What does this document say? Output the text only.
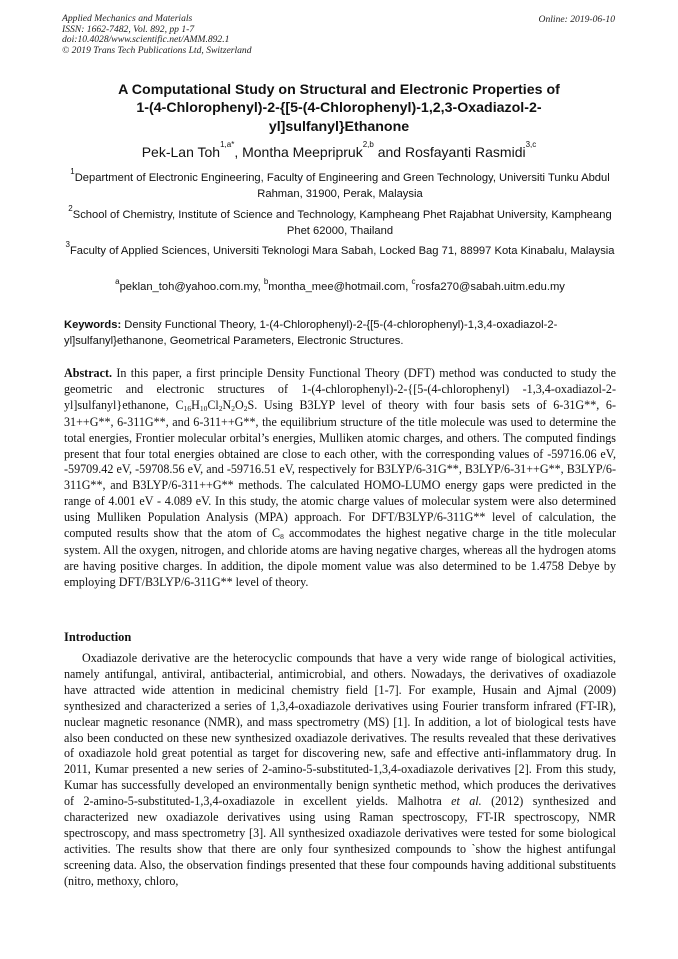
Applied Mechanics and Materials
ISSN: 1662-7482, Vol. 892, pp 1-7
doi:10.4028/www.scientific.net/AMM.892.1
© 2019 Trans Tech Publications Ltd, Switzerland
Online: 2019-06-10
A Computational Study on Structural and Electronic Properties of
1-(4-Chlorophenyl)-2-{[5-(4-Chlorophenyl)-1,2,3-Oxadiazol-2-
yl]sulfanyl}Ethanone
Pek-Lan Toh$^{1,a*}$, Montha Meepripruk$^{2,b}$ and Rosfayanti Rasmidi$^{3,c}$
$^1$Department of Electronic Engineering, Faculty of Engineering and Green Technology, Universiti Tunku Abdul Rahman, 31900, Perak, Malaysia
$^2$School of Chemistry, Institute of Science and Technology, Kampheang Phet Rajabhat University, Kampheang Phet 62000, Thailand
$^3$Faculty of Applied Sciences, Universiti Teknologi Mara Sabah, Locked Bag 71, 88997 Kota Kinabalu, Malaysia
$^a$peklan_toh@yahoo.com.my, $^b$montha_mee@hotmail.com, $^c$rosfa270@sabah.uitm.edu.my
Keywords: Density Functional Theory, 1-(4-Chlorophenyl)-2-{[5-(4-chlorophenyl)-1,3,4-oxadiazol-2-yl]sulfanyl}ethanone, Geometrical Parameters, Electronic Structures.
Abstract. In this paper, a first principle Density Functional Theory (DFT) method was conducted to study the geometric and electronic structures of 1-(4-chlorophenyl)-2-{[5-(4-chlorophenyl) -1,3,4-oxadiazol-2-yl]sulfanyl}ethanone, C16H10Cl2N2O2S. Using B3LYP level of theory with four basis sets of 6-31G**, 6-31++G**, 6-311G**, and 6-311++G**, the equilibrium structure of the title molecule was used to determine the total energies, Frontier molecular orbital’s energies, Mulliken atomic charges, and others. The computed findings present that four total energies obtained are close to each other, with the corresponding values of -59716.06 eV, -59709.42 eV, -59708.56 eV, and -59716.51 eV, respectively for B3LYP/6-31G**, B3LYP/6-31++G**, B3LYP/6-311G**, and B3LYP/6-311++G** methods. The calculated HOMO-LUMO energy gaps were predicted in the range of 4.001 eV - 4.089 eV. In this study, the atomic charge values of molecular system were also determined using Mulliken Population Analysis (MPA) approach. For DFT/B3LYP/6-311G** level of calculation, the computed results show that the atom of C8 accommodates the highest negative charge in the title molecular system. All the oxygen, nitrogen, and chloride atoms are having negative charges, whereas all the hydrogen atoms are having positive charges. In addition, the dipole moment value was also determined to be 1.4758 Debye by employing DFT/B3LYP/6-311G** level of theory.
Introduction
Oxadiazole derivative are the heterocyclic compounds that have a very wide range of biological activities, namely antifungal, antiviral, antibacterial, antimicrobial, and others. Nowadays, the derivatives of oxadiazole have attracted wide attention in medicinal chemistry field [1-7]. For example, Husain and Ajmal (2009) synthesized and characterized a series of 1,3,4-oxadiazole derivatives using Fourier transform infrared (FT-IR), nuclear magnetic resonance (NMR), and mass spectrometry (MS) [1]. In addition, a lot of biological tests have also been conducted on these new synthesized oxadiazole derivatives. The results revealed that these derivatives of oxadiazole hold great potential as target for discovering new, safe and effective anti-inflammatory drug. In 2011, Kumar presented a new series of 2-amino-5-substituted-1,3,4-oxadiazole derivatives [2]. From this study, Kumar has successfully developed an environmentally benign synthetic method, which produces the derivatives of 2-amino-5-substituted-1,3,4-oxadiazole in excellent yields. Malhotra et al. (2012) synthesized and characterized new oxadiazole derivatives using using Raman spectroscopy, FT-IR spectroscopy, NMR spectroscopy, and mass spectrometry [3]. All synthesized oxadiazole derivatives were tested for some biological activities. The results show that there are only four synthesized compounds to `show the highest antifungal screening data. Also, the observation findings presented that these four compounds having additional substituents (nitro, methoxy, chloro,
